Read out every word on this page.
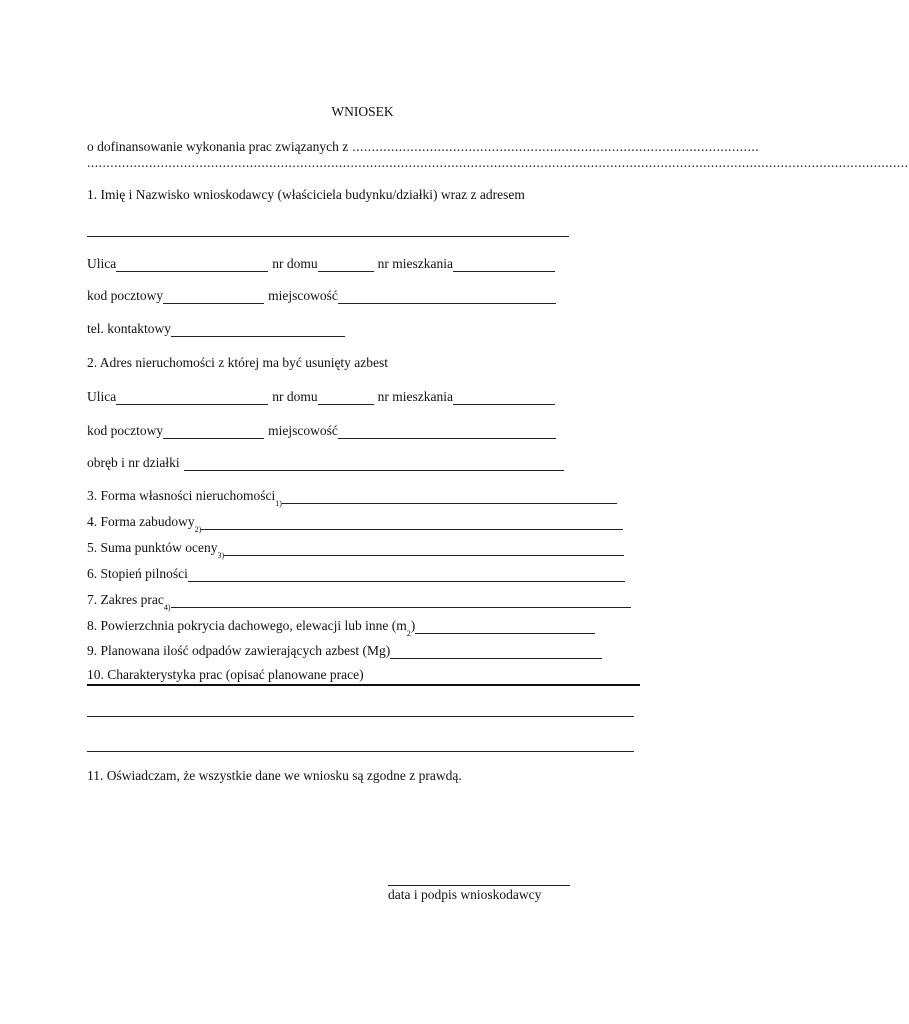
WNIOSEK
o dofinansowanie wykonania prac związanych z .........................................................................................................
....................................................................................................................................................................................................................
1. Imię i Nazwisko wnioskodawcy (właściciela budynku/działki) wraz z adresem
Ulica	nr domu	nr mieszkania
kod pocztowy	miejscowość
tel. kontaktowy
2. Adres nieruchomości z której ma być usunięty azbest
Ulica	nr domu	nr mieszkania
kod pocztowy	miejscowość
obręb i nr działki
3. Forma własności nieruchomości
1)
4. Forma zabudowy
2)
5. Suma punktów oceny
3)
6. Stopień pilności
7. Zakres prac
4)
8. Powierzchnia pokrycia dachowego, elewacji lub inne (m
2
)
9. Planowana ilość odpadów zawierających azbest (Mg)
10. Charakterystyka prac (opisać planowane prace)
11. Oświadczam, że wszystkie dane we wniosku są zgodne z prawdą.
data i podpis wnioskodawcy
